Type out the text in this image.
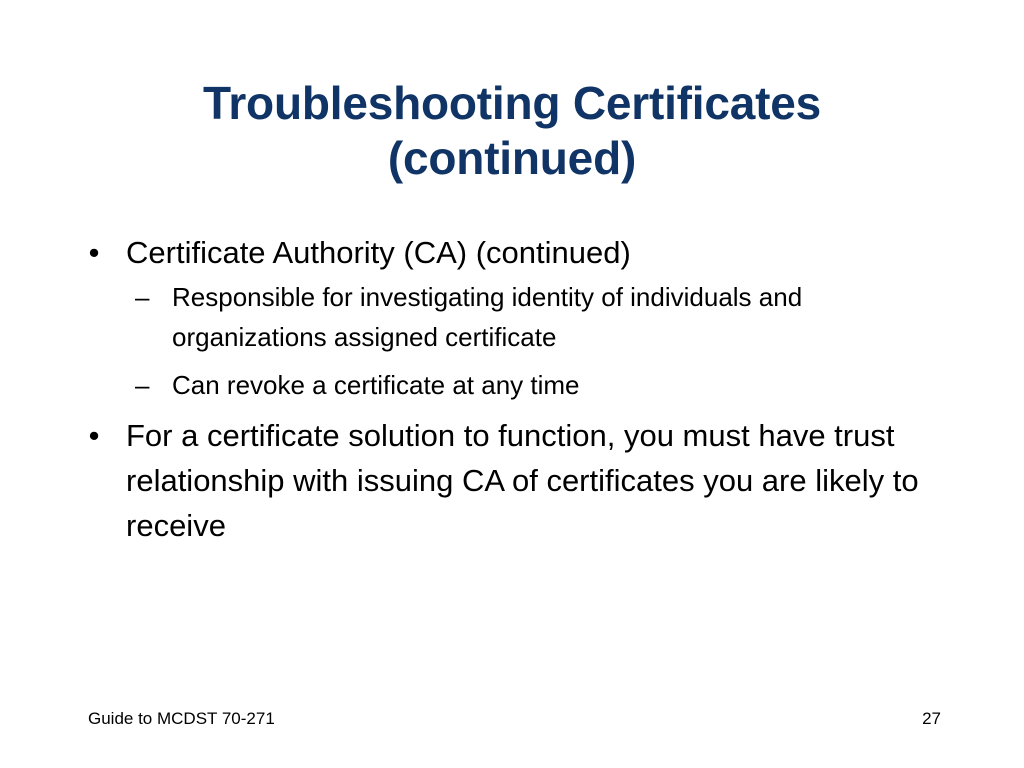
Troubleshooting Certificates
(continued)
• Certificate Authority (CA) (continued)
– Responsible for investigating identity of individuals and organizations assigned certificate
– Can revoke a certificate at any time
• For a certificate solution to function, you must have trust relationship with issuing CA of certificates you are likely to receive
Guide to MCDST 70-271	27
